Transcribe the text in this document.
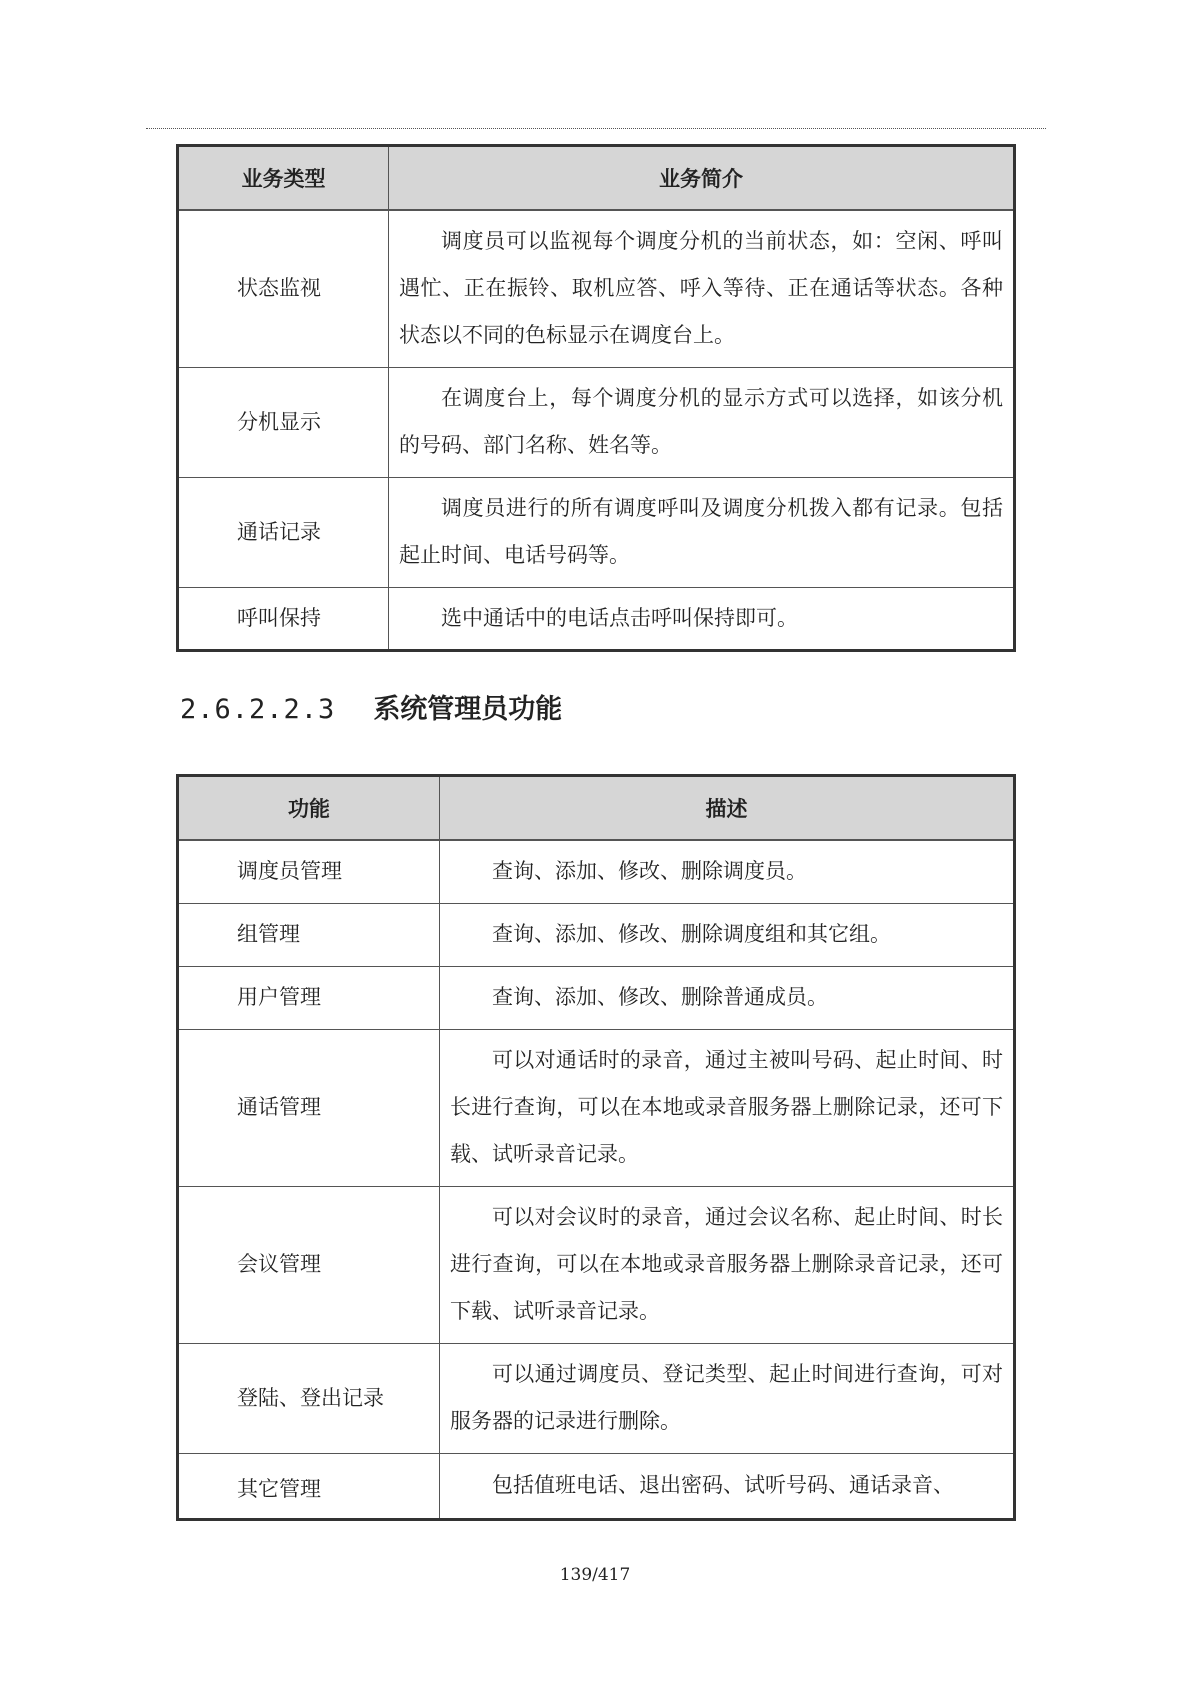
业务类型	业务简介
状态监视	调度员可以监视每个调度分机的当前状态，如：空闲、呼叫遇忙、正在振铃、取机应答、呼入等待、正在通话等状态。各种状态以不同的色标显示在调度台上。

分机显示	在调度台上，每个调度分机的显示方式可以选择，如该分机的号码、部门名称、姓名等。

通话记录	调度员进行的所有调度呼叫及调度分机拨入都有记录。包括起止时间、电话号码等。

呼叫保持	选中通话中的电话点击呼叫保持即可。
2.6.2.2.3 系统管理员功能
功能	描述
调度员管理	查询、添加、修改、删除调度员。

组管理	查询、添加、修改、删除调度组和其它组。

用户管理	查询、添加、修改、删除普通成员。

通话管理	可以对通话时的录音，通过主被叫号码、起止时间、时长进行查询，可以在本地或录音服务器上删除记录，还可下载、试听录音记录。

会议管理	可以对会议时的录音，通过会议名称、起止时间、时长进行查询，可以在本地或录音服务器上删除录音记录，还可下载、试听录音记录。

登陆、登出记录	可以通过调度员、登记类型、起止时间进行查询，可对服务器的记录进行删除。

其它管理	包括值班电话、退出密码、试听号码、通话录音、
139/417
